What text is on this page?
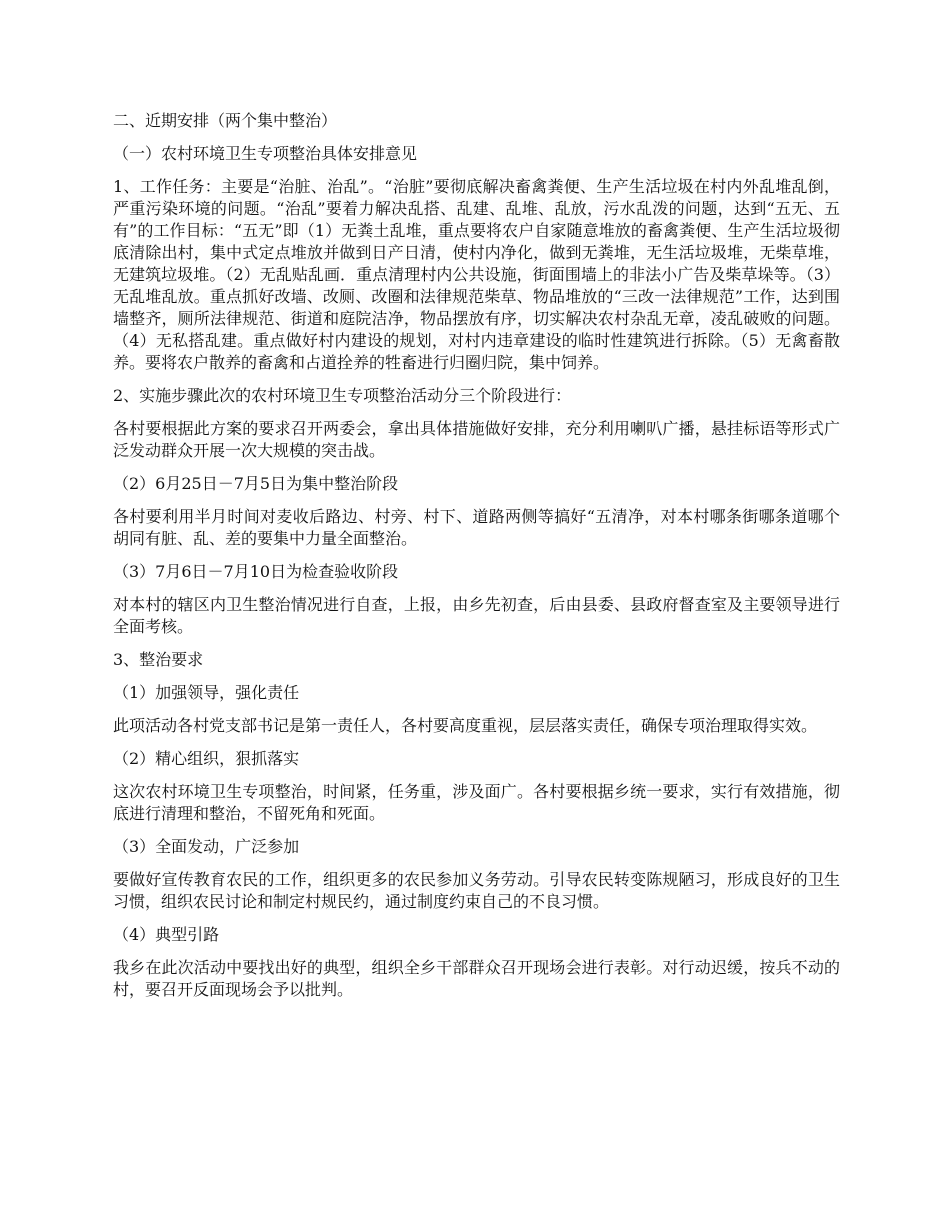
二、近期安排（两个集中整治）

（一）农村环境卫生专项整治具体安排意见

1、工作任务：主要是“治脏、治乱”。“治脏”要彻底解决畜禽粪便、生产生活垃圾在村内外乱堆乱倒，严重污染环境的问题。“治乱”要着力解决乱搭、乱建、乱堆、乱放，污水乱泼的问题，达到“五无、五有”的工作目标：“五无”即（1）无粪土乱堆，重点要将农户自家随意堆放的畜禽粪便、生产生活垃圾彻底清除出村，集中式定点堆放并做到日产日清，使村内净化，做到无粪堆，无生活垃圾堆，无柴草堆，无建筑垃圾堆。（2）无乱贴乱画．重点清理村内公共设施，街面围墙上的非法小广告及柴草垛等。（3）无乱堆乱放。重点抓好改墙、改厕、改圈和法律规范柴草、物品堆放的“三改一法律规范”工作，达到围墙整齐，厕所法律规范、街道和庭院洁净，物品摆放有序，切实解决农村杂乱无章，凌乱破败的问题。（4）无私搭乱建。重点做好村内建设的规划，对村内违章建设的临时性建筑进行拆除。（5）无禽畜散养。要将农户散养的畜禽和占道拴养的牲畜进行归圈归院，集中饲养。

2、实施步骤此次的农村环境卫生专项整治活动分三个阶段进行：

各村要根据此方案的要求召开两委会，拿出具体措施做好安排，充分利用喇叭广播，悬挂标语等形式广泛发动群众开展一次大规模的突击战。

（2）6月25日－7月5日为集中整治阶段

各村要利用半月时间对麦收后路边、村旁、村下、道路两侧等搞好“五清净，对本村哪条街哪条道哪个胡同有脏、乱、差的要集中力量全面整治。

（3）7月6日－7月10日为检查验收阶段

对本村的辖区内卫生整治情况进行自查，上报，由乡先初查，后由县委、县政府督查室及主要领导进行全面考核。

3、整治要求

（1）加强领导，强化责任

此项活动各村党支部书记是第一责任人，各村要高度重视，层层落实责任，确保专项治理取得实效。

（2）精心组织，狠抓落实

这次农村环境卫生专项整治，时间紧，任务重，涉及面广。各村要根据乡统一要求，实行有效措施，彻底进行清理和整治，不留死角和死面。

（3）全面发动，广泛参加

要做好宣传教育农民的工作，组织更多的农民参加义务劳动。引导农民转变陈规陋习，形成良好的卫生习惯，组织农民讨论和制定村规民约，通过制度约束自己的不良习惯。

（4）典型引路

我乡在此次活动中要找出好的典型，组织全乡干部群众召开现场会进行表彰。对行动迟缓，按兵不动的村，要召开反面现场会予以批判。
